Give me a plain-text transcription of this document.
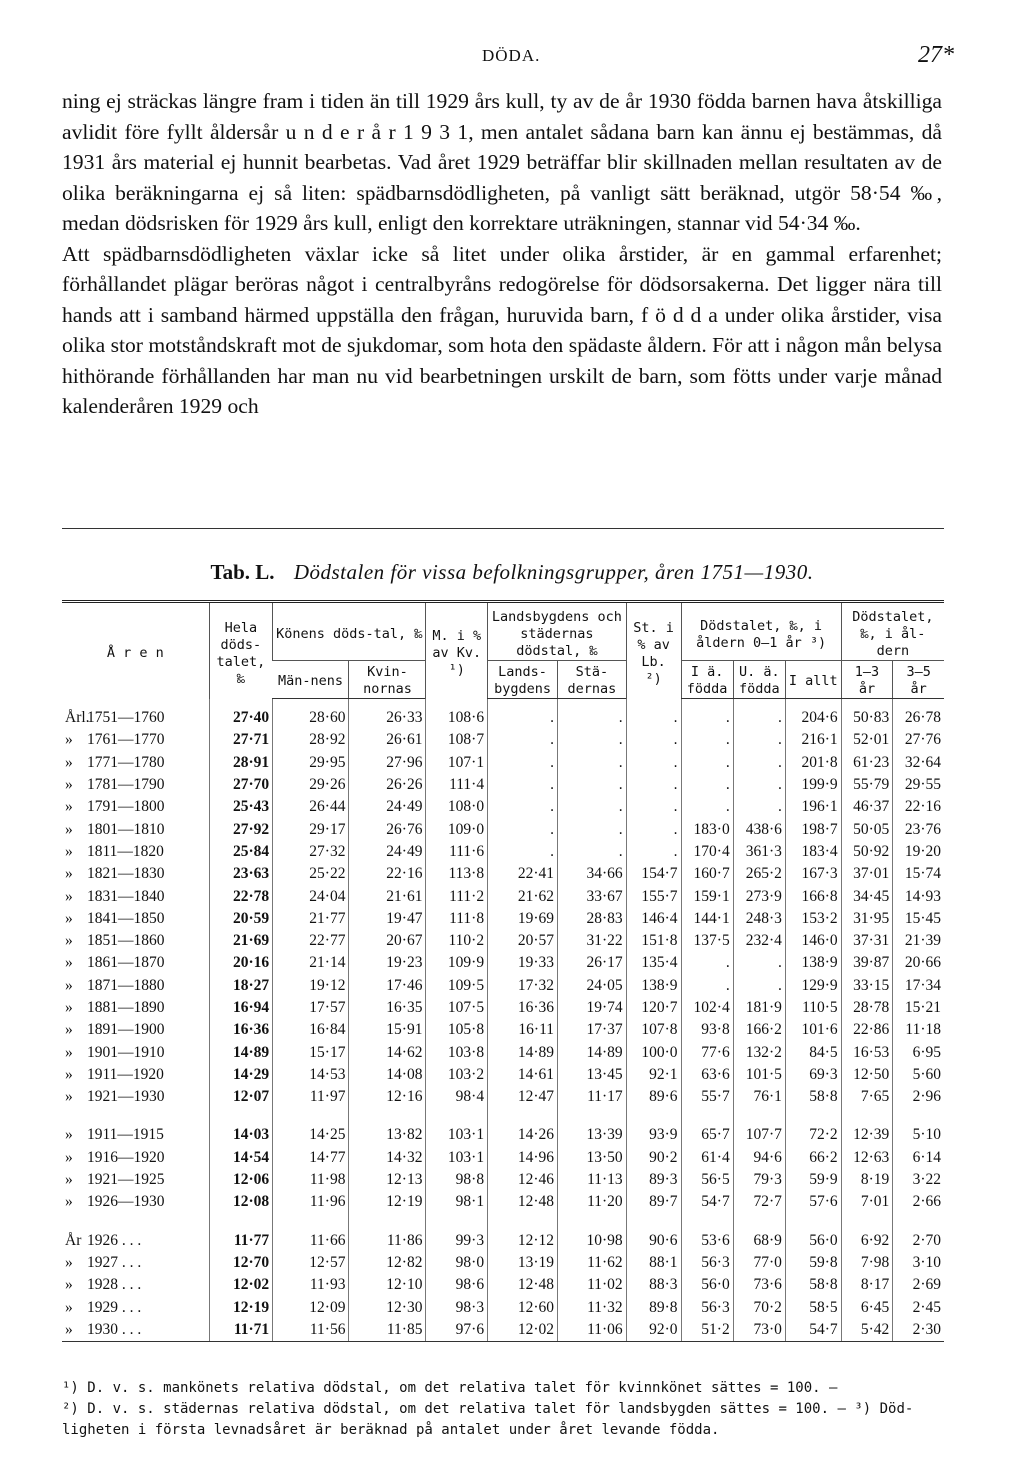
DÖDA.	27*

ning ej sträckas längre fram i tiden än till 1929 års kull, ty av de år 1930 födda barnen hava åtskilliga avlidit före fyllt åldersår u n d e r å r 1 9 3 1, men antalet sådana barn kan ännu ej bestämmas, då 1931 års material ej hunnit bearbetas. Vad året 1929 beträffar blir skillnaden mellan resultaten av de olika beräkningarna ej så liten: spädbarnsdödligheten, på vanligt sätt beräknad, utgör 58·54 ‰, medan dödsrisken för 1929 års kull, enligt den korrektare uträkningen, stannar vid 54·34 ‰.

Att spädbarnsdödligheten växlar icke så litet under olika årstider, är en gammal erfarenhet; förhållandet plägar beröras något i centralbyråns redogörelse för dödsorsakerna. Det ligger nära till hands att i samband härmed uppställa den frågan, huruvida barn, f ö d d a under olika årstider, visa olika stor motståndskraft mot de sjukdomar, som hota den spädaste åldern. För att i någon mån belysa hithörande förhållanden har man nu vid bearbetningen urskilt de barn, som fötts under varje månad kalenderåren 1929 och

Tab. L. Dödstalen för vissa befolkningsgrupper, åren 1751—1930.
Å r e n	Hela döds-talet, ‰	Könens döds-tal, ‰		M. i % av Kv. ¹)	Landsbygdens och städernas dödstal, ‰		St. i % av Lb. ²)	Dödstalet, ‰, i åldern 0—1 år ³)			Dödstalet, ‰, i ål-dern	
		Män-nens	Kvin-nornas		Lands-bygdens	Stä-dernas		I ä. födda	U. ä. födda	I allt	1—3 år	3—5 år
Årl.1751—1760	27·40	28·60	26·33	108·6	.	.	.	.	.	204·6	50·83	26·78
» 1761—1770	27·71	28·92	26·61	108·7	.	.	.	.	.	216·1	52·01	27·76
» 1771—1780	28·91	29·95	27·96	107·1	.	.	.	.	.	201·8	61·23	32·64
» 1781—1790	27·70	29·26	26·26	111·4	.	.	.	.	.	199·9	55·79	29·55
» 1791—1800	25·43	26·44	24·49	108·0	.	.	.	.	.	196·1	46·37	22·16
» 1801—1810	27·92	29·17	26·76	109·0	.	.	.	183·0	438·6	198·7	50·05	23·76
» 1811—1820	25·84	27·32	24·49	111·6	.	.	.	170·4	361·3	183·4	50·92	19·20
» 1821—1830	23·63	25·22	22·16	113·8	22·41	34·66	154·7	160·7	265·2	167·3	37·01	15·74
» 1831—1840	22·78	24·04	21·61	111·2	21·62	33·67	155·7	159·1	273·9	166·8	34·45	14·93
» 1841—1850	20·59	21·77	19·47	111·8	19·69	28·83	146·4	144·1	248·3	153·2	31·95	15·45
» 1851—1860	21·69	22·77	20·67	110·2	20·57	31·22	151·8	137·5	232·4	146·0	37·31	21·39
» 1861—1870	20·16	21·14	19·23	109·9	19·33	26·17	135·4	.	.	138·9	39·87	20·66
» 1871—1880	18·27	19·12	17·46	109·5	17·32	24·05	138·9	.	.	129·9	33·15	17·34
» 1881—1890	16·94	17·57	16·35	107·5	16·36	19·74	120·7	102·4	181·9	110·5	28·78	15·21
» 1891—1900	16·36	16·84	15·91	105·8	16·11	17·37	107·8	93·8	166·2	101·6	22·86	11·18
» 1901—1910	14·89	15·17	14·62	103·8	14·89	14·89	100·0	77·6	132·2	84·5	16·53	6·95
» 1911—1920	14·29	14·53	14·08	103·2	14·61	13·45	92·1	63·6	101·5	69·3	12·50	5·60
» 1921—1930	12·07	11·97	12·16	98·4	12·47	11·17	89·6	55·7	76·1	58·8	7·65	2·96
» 1911—1915	14·03	14·25	13·82	103·1	14·26	13·39	93·9	65·7	107·7	72·2	12·39	5·10
» 1916—1920	14·54	14·77	14·32	103·1	14·96	13·50	90·2	61·4	94·6	66·2	12·63	6·14
» 1921—1925	12·06	11·98	12·13	98·8	12·46	11·13	89·3	56·5	79·3	59·9	8·19	3·22
» 1926—1930	12·08	11·96	12·19	98·1	12·48	11·20	89·7	54·7	72·7	57·6	7·01	2·66
År 1926 . . .	11·77	11·66	11·86	99·3	12·12	10·98	90·6	53·6	68·9	56·0	6·92	2·70
» 1927 . . .	12·70	12·57	12·82	98·0	13·19	11·62	88·1	56·3	77·0	59·8	7·98	3·10
» 1928 . . .	12·02	11·93	12·10	98·6	12·48	11·02	88·3	56·0	73·6	58·8	8·17	2·69
» 1929 . . .	12·19	12·09	12·30	98·3	12·60	11·32	89·8	56·3	70·2	58·5	6·45	2·45
» 1930 . . .	11·71	11·56	11·85	97·6	12·02	11·06	92·0	51·2	73·0	54·7	5·42	2·30
¹) D. v. s. mankönets relativa dödstal, om det relativa talet för kvinnkönet sättes = 100. —
²) D. v. s. städernas relativa dödstal, om det relativa talet för landsbygden sättes = 100. — ³) Död-
ligheten i första levnadsåret är beräknad på antalet under året levande födda.
